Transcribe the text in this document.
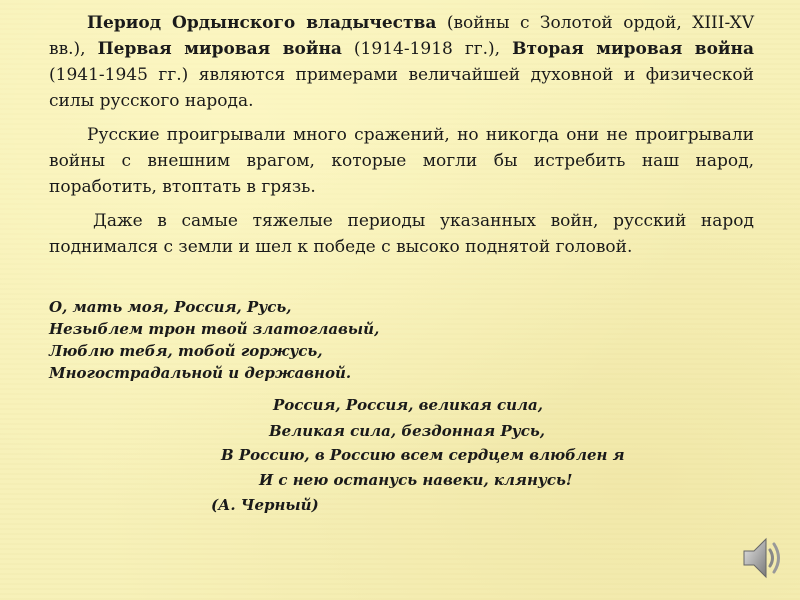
Период Ордынского владычества (войны с Золотой ордой, XIII-XV вв.), Первая мировая война (1914-1918 гг.), Вторая мировая война (1941-1945 гг.) являются примерами величайшей духовной и физической силы русского народа.

Русские проигрывали много сражений, но никогда они не проигрывали войны с внешним врагом, которые могли бы истребить наш народ, поработить, втоптать в грязь.

Даже в самые тяжелые периоды указанных войн, русский народ поднимался с земли и шел к победе с высоко поднятой головой.

О, мать моя, Россия, Русь,
Незыблем трон твой златоглавый,
Люблю тебя, тобой горжусь,
Многострадальной и державной.
Россия, Россия, великая сила,
Великая сила, бездонная Русь,
В Россию, в Россию всем сердцем влюблен я
И с нею останусь навеки, клянусь!
(А. Черный)
